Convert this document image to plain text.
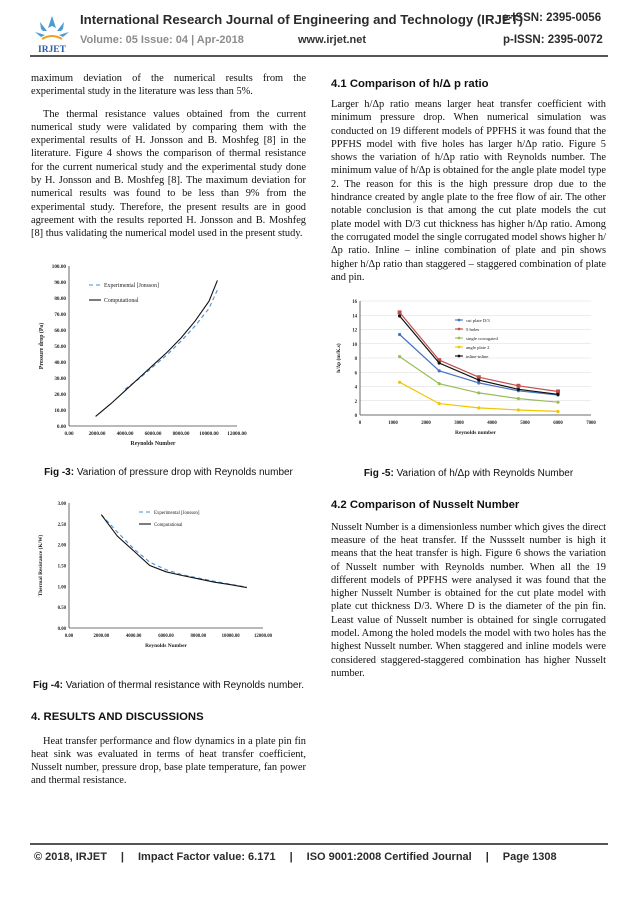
IRJET
International Research Journal of Engineering and Technology (IRJET)
e-ISSN: 2395-0056
Volume: 05 Issue: 04 | Apr-2018	www.irjet.net	p-ISSN: 2395-0072

maximum deviation of the numerical results from the experimental study in the literature was less than 5%.

The thermal resistance values obtained from the current numerical study were validated by comparing them with the experimental results of H. Jonsson and B. Moshfeg [8] in the literature. Figure 4 shows the comparison of thermal resistance for the current numerical study and the experimental study done by H. Jonsson and B. Moshfeg [8]. The maximum deviation for numerical results was found to be less than 9% from the experimental study. Therefore, the present results are in good agreement with the results reported H. Jonsson and B. Moshfeg [8] thus validating the numerical model used in the present study.

0.00	2000.00 4000.00 6000.00 8000.00 10000.00 12000.00
0.00
10.00
20.00
30.00
40.00
50.00
60.00
70.00
80.00
90.00
100.00
Reynolds Number
Pressure drop (Pa)
Experimental [Jonsson]
Computational

Fig -3: Variation of pressure drop with Reynolds number

0.00	2000.00	4000.00	6000.00	8000.00	10000.00	12000.00
0.00
0.50
1.00
1.50
2.00
2.50
3.00
Reynolds Number
Thermal Resistance (K/W)
Experimental [Jonsson]
Computational

Fig -4: Variation of thermal resistance with Reynolds number.

4. RESULTS AND DISCUSSIONS

Heat transfer performance and flow dynamics in a plate pin fin heat sink was evaluated in terms of heat transfer coefficient, Nusselt number, pressure drop, base plate temperature, fan power and thermal resistance.

4.1 Comparison of h/Δ p ratio

Larger h/Δp ratio means larger heat transfer coefficient with minimum pressure drop. When numerical simulation was conducted on 19 different models of PPFHS it was found that the PPFHS model with five holes has larger h/Δp ratio. Figure 5 shows the variation of h/Δp ratio with Reynolds number. The minimum value of h/Δp is obtained for the angle plate model type 2. The reason for this is the high pressure drop due to the hindrance created by angle plate to the free flow of air. The other notable conclusion is that among the cut plate models the cut plate model with D/3 cut thickness has higher h/Δp ratio. Among the corrugated model the single corrugated model shows higher h/Δp ratio. Inline – inline combination of plate and pin shows higher h/Δp ratio than staggered – staggered combination of plate and pin.

0	1000	2000	3000	4000	5000	6000	7000
0
2
4
6
8
10
12
14
16
Reynolds number
h/Δp (m/K.s)
cut plate D/3
5 holes
single corrugated
angle plate 2
inline-inline

Fig -5: Variation of h/Δp with Reynolds Number

4.2 Comparison of Nusselt Number

Nusselt Number is a dimensionless number which gives the direct measure of the heat transfer. If the Nussselt number is high it means that the heat transfer is high. Figure 6 shows the variation of Nusselt number with Reynolds number. When all the 19 different models of PPFHS were analysed it was found that the higher Nusselt Number is obtained for the cut plate model with plate cut thickness D/3. Where D is the diameter of the pin fin. Least value of Nusselt number is obtained for single corrugated model. Among the holed models the model with two holes has the highest Nusselt number. When staggered and inline models were considered staggered-staggered combination has higher Nusselt number.

© 2018, IRJET | Impact Factor value: 6.171 | ISO 9001:2008 Certified Journal | Page 1308
